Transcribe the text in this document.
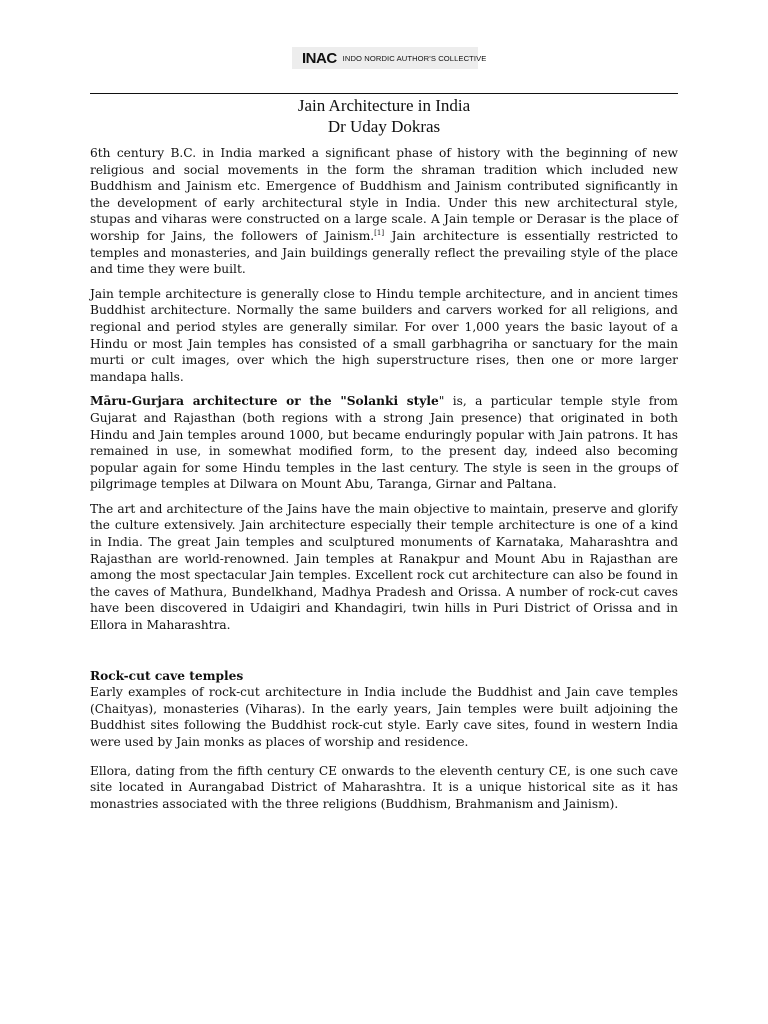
INAC INDO NORDIC AUTHOR'S COLLECTIVE
Jain Architecture in India
Dr Uday Dokras

6th century B.C. in India marked a significant phase of history with the beginning of new religious and social movements in the form the shraman tradition which included new Buddhism and Jainism etc. Emergence of Buddhism and Jainism contributed significantly in the development of early architectural style in India. Under this new architectural style, stupas and viharas were constructed on a large scale. A Jain temple or Derasar is the place of worship for Jains, the followers of Jainism.[1] Jain architecture is essentially restricted to temples and monasteries, and Jain buildings generally reflect the prevailing style of the place and time they were built.

Jain temple architecture is generally close to Hindu temple architecture, and in ancient times Buddhist architecture. Normally the same builders and carvers worked for all religions, and regional and period styles are generally similar. For over 1,000 years the basic layout of a Hindu or most Jain temples has consisted of a small garbhagriha or sanctuary for the main murti or cult images, over which the high superstructure rises, then one or more larger mandapa halls.

Māru-Gurjara architecture or the "Solanki style" is, a particular temple style from Gujarat and Rajasthan (both regions with a strong Jain presence) that originated in both Hindu and Jain temples around 1000, but became enduringly popular with Jain patrons. It has remained in use, in somewhat modified form, to the present day, indeed also becoming popular again for some Hindu temples in the last century. The style is seen in the groups of pilgrimage temples at Dilwara on Mount Abu, Taranga, Girnar and Paltana.

The art and architecture of the Jains have the main objective to maintain, preserve and glorify the culture extensively. Jain architecture especially their temple architecture is one of a kind in India. The great Jain temples and sculptured monuments of Karnataka, Maharashtra and Rajasthan are world-renowned. Jain temples at Ranakpur and Mount Abu in Rajasthan are among the most spectacular Jain temples. Excellent rock cut architecture can also be found in the caves of Mathura, Bundelkhand, Madhya Pradesh and Orissa. A number of rock-cut caves have been discovered in Udaigiri and Khandagiri, twin hills in Puri District of Orissa and in Ellora in Maharashtra.

Rock-cut cave temples
Early examples of rock-cut architecture in India include the Buddhist and Jain cave temples (Chaityas), monasteries (Viharas). In the early years, Jain temples were built adjoining the Buddhist sites following the Buddhist rock-cut style. Early cave sites, found in western India were used by Jain monks as places of worship and residence.

Ellora, dating from the fifth century CE onwards to the eleventh century CE, is one such cave site located in Aurangabad District of Maharashtra. It is a unique historical site as it has monastries associated with the three religions (Buddhism, Brahmanism and Jainism).
